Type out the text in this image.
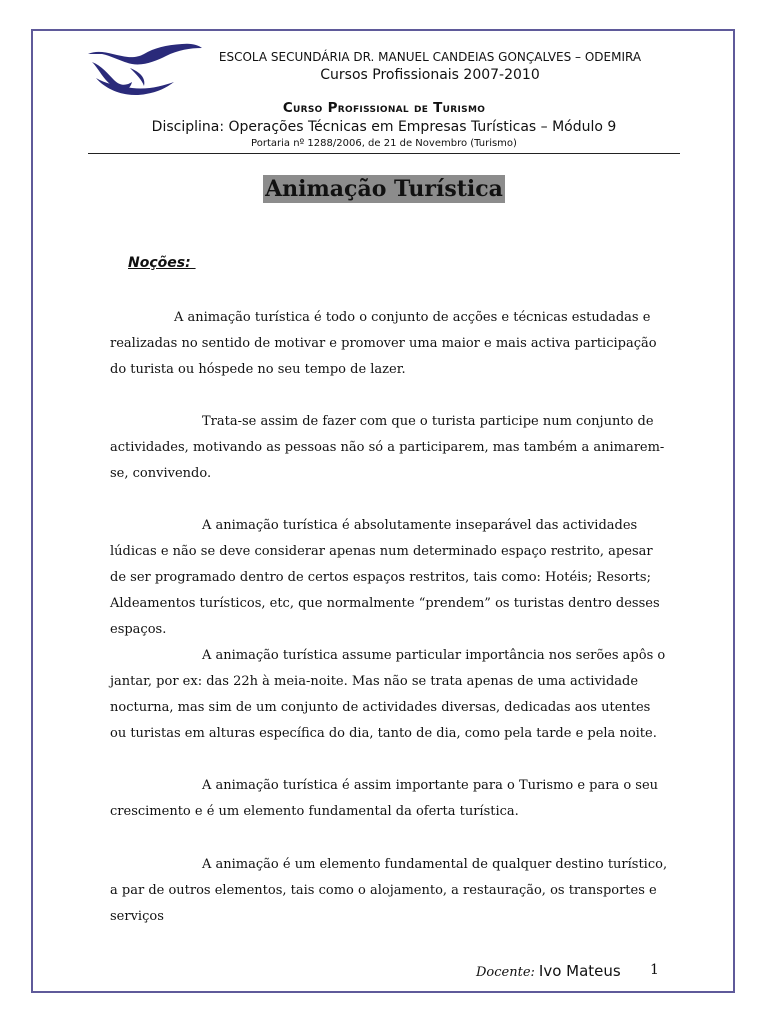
ESCOLA SECUNDÁRIA DR. MANUEL CANDEIAS GONÇALVES – ODEMIRA
Cursos Profissionais 2007-2010
Curso Profissional de Turismo
Disciplina: Operações Técnicas em Empresas Turísticas – Módulo 9
Portaria nº 1288/2006, de 21 de Novembro (Turismo)
Animação Turística
Noções:
A animação turística é todo o conjunto de acções e técnicas estudadas e realizadas no sentido de motivar e promover uma maior e mais activa participação do turista ou hóspede no seu tempo de lazer.
Trata-se assim de fazer com que o turista participe num conjunto de actividades, motivando as pessoas não só a participarem, mas também a animarem-se, convivendo.
A animação turística é absolutamente inseparável das actividades lúdicas e não se deve considerar apenas num determinado espaço restrito, apesar de ser programado dentro de certos espaços restritos, tais como: Hotéis; Resorts; Aldeamentos turísticos, etc, que normalmente “prendem” os turistas dentro desses espaços.
A animação turística assume particular importância nos serões apôs o jantar, por ex: das 22h à meia-noite. Mas não se trata apenas de uma actividade nocturna, mas sim de um conjunto de actividades diversas, dedicadas aos utentes ou turistas em alturas específica do dia, tanto de dia, como pela tarde e pela noite.
A animação turística é assim importante para o Turismo e para o seu crescimento e é um elemento fundamental da oferta turística.
A animação é um elemento fundamental de qualquer destino turístico, a par de outros elementos, tais como o alojamento, a restauração, os transportes e serviços
Docente: Ivo Mateus 1
